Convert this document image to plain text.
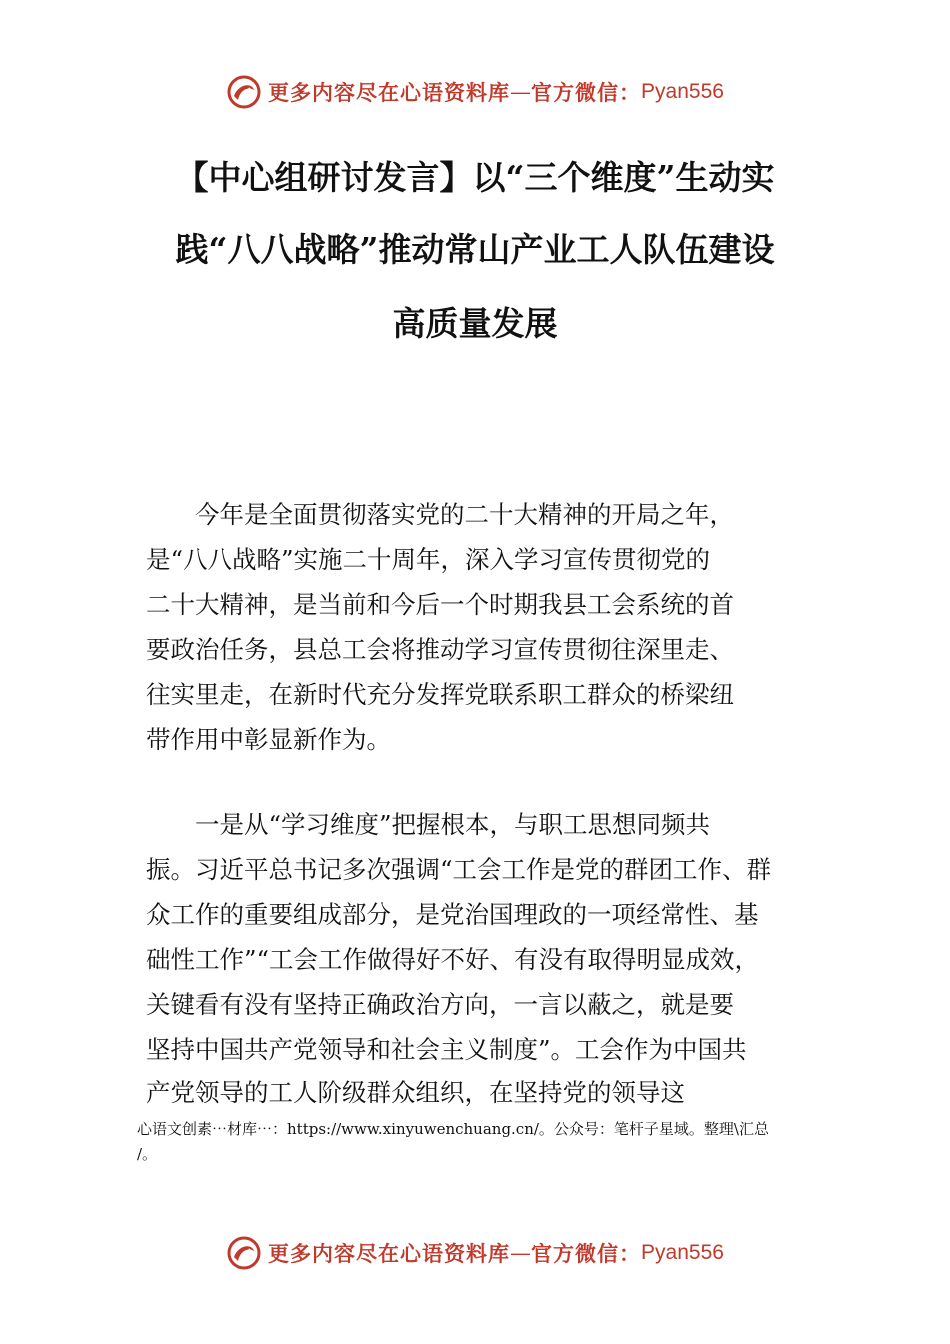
更多内容尽在心语资料库 — 官方微信： Pyan556
【中心组研讨发言】以“三个维度”生动实
践“八八战略”推动常山产业工人队伍建设
高质量发展
今年是全面贯彻落实党的二十大精神的开局之年，
是“八八战略”实施二十周年，深入学习宣传贯彻党的
二十大精神，是当前和今后一个时期我县工会系统的首
要政治任务，县总工会将推动学习宣传贯彻往深里走、
往实里走，在新时代充分发挥党联系职工群众的桥梁纽
带作用中彰显新作为。
一是从“学习维度”把握根本，与职工思想同频共
振。习近平总书记多次强调“工会工作是党的群团工作、群
众工作的重要组成部分，是党治国理政的一项经常性、基
础性工作”“工会工作做得好不好、有没有取得明显成效，
关键看有没有坚持正确政治方向，一言以蔽之，就是要
坚持中国共产党领导和社会主义制度”。工会作为中国共
产党领导的工人阶级群众组织，在坚持党的领导这
心语文创素⋯材库⋯：https://www.xinyuwenchuang.cn/。公众号：笔杆子星域。整理\汇总
/。
更多内容尽在心语资料库 — 官方微信： Pyan556
